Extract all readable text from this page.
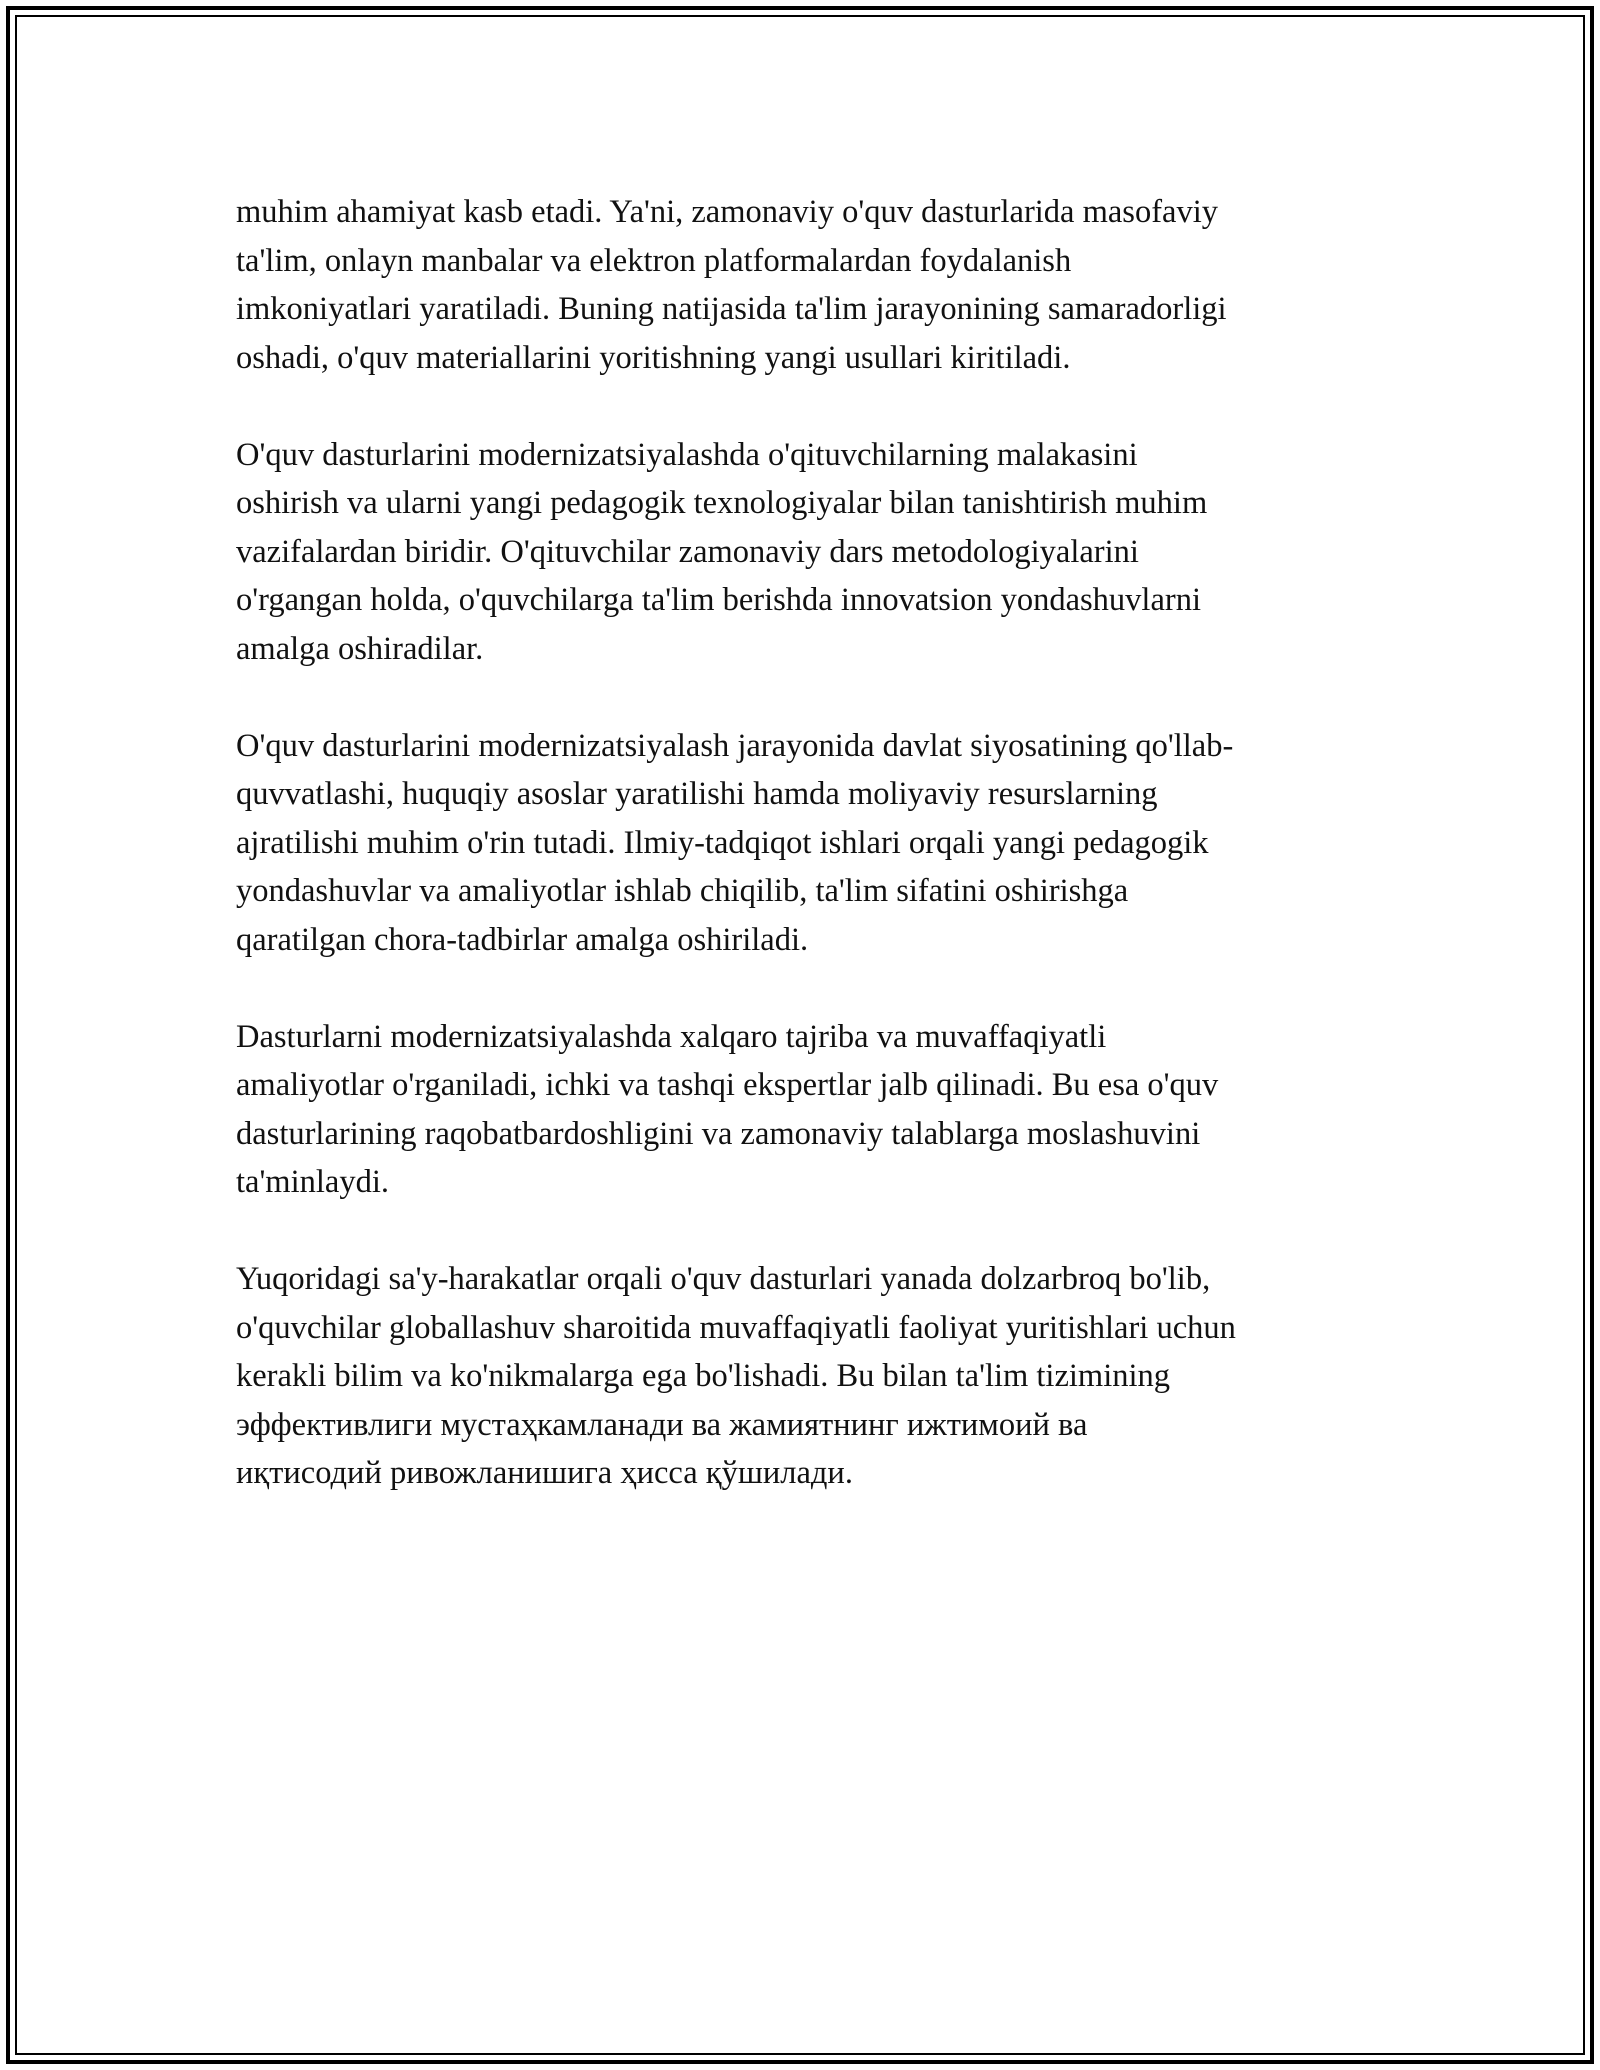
muhim ahamiyat kasb etadi. Ya'ni, zamonaviy o'quv dasturlarida masofaviy
ta'lim, onlayn manbalar va elektron platformalardan foydalanish
imkoniyatlari yaratiladi. Buning natijasida ta'lim jarayonining samaradorligi
oshadi, o'quv materiallarini yoritishning yangi usullari kiritiladi.

O'quv dasturlarini modernizatsiyalashda o'qituvchilarning malakasini
oshirish va ularni yangi pedagogik texnologiyalar bilan tanishtirish muhim
vazifalardan biridir. O'qituvchilar zamonaviy dars metodologiyalarini
o'rgangan holda, o'quvchilarga ta'lim berishda innovatsion yondashuvlarni
amalga oshiradilar.

O'quv dasturlarini modernizatsiyalash jarayonida davlat siyosatining qo'llab-
quvvatlashi, huquqiy asoslar yaratilishi hamda moliyaviy resurslarning
ajratilishi muhim o'rin tutadi. Ilmiy-tadqiqot ishlari orqali yangi pedagogik
yondashuvlar va amaliyotlar ishlab chiqilib, ta'lim sifatini oshirishga
qaratilgan chora-tadbirlar amalga oshiriladi.

Dasturlarni modernizatsiyalashda xalqaro tajriba va muvaffaqiyatli
amaliyotlar o'rganiladi, ichki va tashqi ekspertlar jalb qilinadi. Bu esa o'quv
dasturlarining raqobatbardoshligini va zamonaviy talablarga moslashuvini
ta'minlaydi.

Yuqoridagi sa'y-harakatlar orqali o'quv dasturlari yanada dolzarbroq bo'lib,
o'quvchilar globallashuv sharoitida muvaffaqiyatli faoliyat yuritishlari uchun
kerakli bilim va ko'nikmalarga ega bo'lishadi. Bu bilan ta'lim tizimining
эффективлиги мустаҳкамланади ва жамиятнинг ижтимоий ва
иқтисодий ривожланишига ҳисса қўшилади.
